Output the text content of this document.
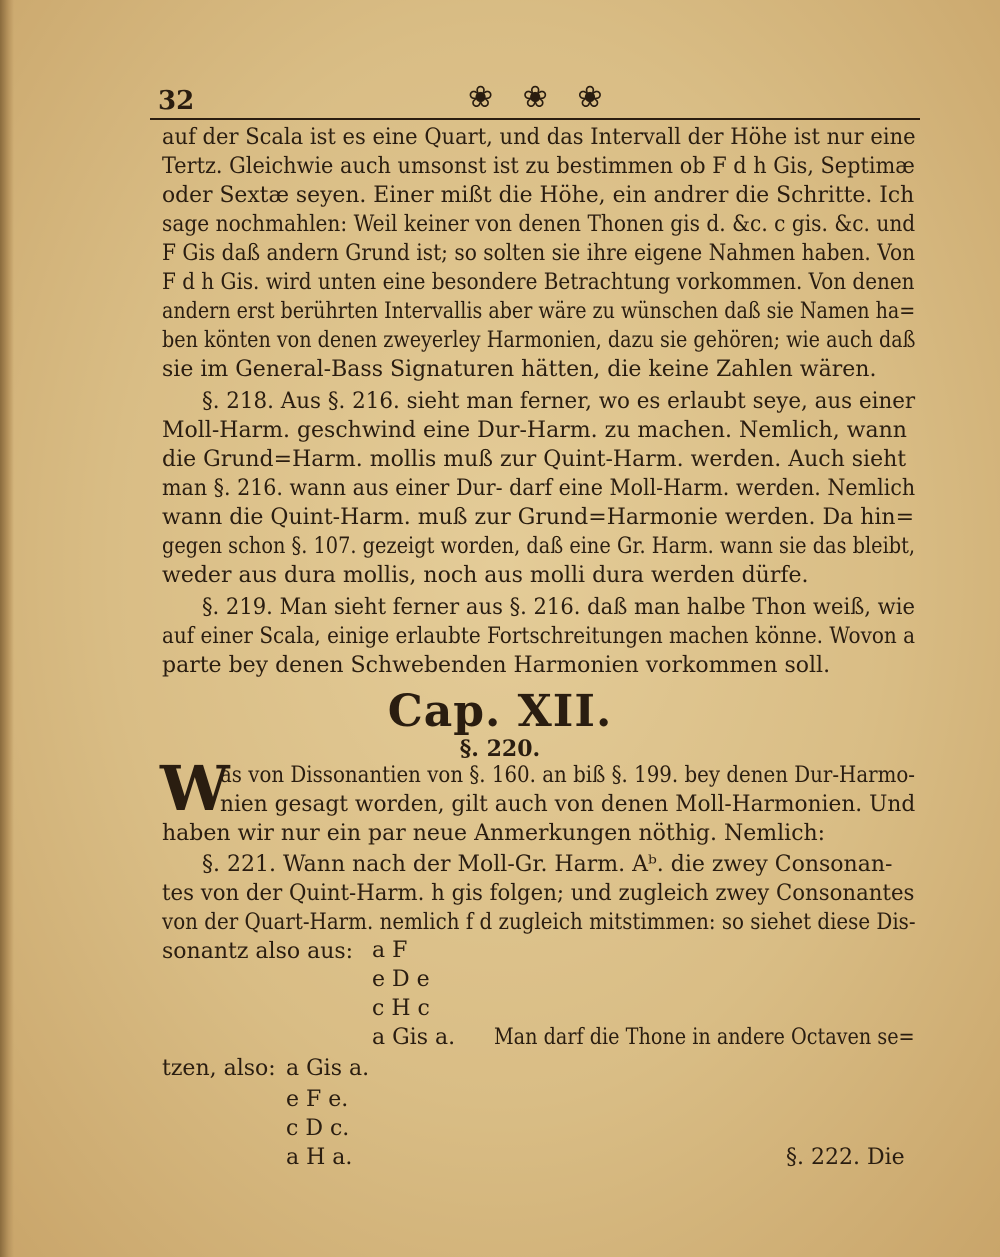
32	❀ ❀ ❀
auf der Scala ist es eine Quart, und das Intervall der Höhe ist nur eine
Tertz. Gleichwie auch umsonst ist zu bestimmen ob F d h Gis, Septimæ
oder Sextæ seyen. Einer mißt die Höhe, ein andrer die Schritte. Ich
sage nochmahlen: Weil keiner von denen Thonen gis d. &c. c gis. &c. und
F Gis daß andern Grund ist; so solten sie ihre eigene Nahmen haben. Von
F d h Gis. wird unten eine besondere Betrachtung vorkommen. Von denen
andern erst berührten Intervallis aber wäre zu wünschen daß sie Namen ha=
ben könten von denen zweyerley Harmonien, dazu sie gehören; wie auch daß
sie im General-Bass Signaturen hätten, die keine Zahlen wären.
§. 218. Aus §. 216. sieht man ferner, wo es erlaubt seye, aus einer
Moll-Harm. geschwind eine Dur-Harm. zu machen. Nemlich, wann
die Grund=Harm. mollis muß zur Quint-Harm. werden. Auch sieht
man §. 216. wann aus einer Dur- darf eine Moll-Harm. werden. Nemlich
wann die Quint-Harm. muß zur Grund=Harmonie werden. Da hin=
gegen schon §. 107. gezeigt worden, daß eine Gr. Harm. wann sie das bleibt,
weder aus dura mollis, noch aus molli dura werden dürfe.
§. 219. Man sieht ferner aus §. 216. daß man halbe Thon weiß, wie
auf einer Scala, einige erlaubte Fortschreitungen machen könne. Wovon a
parte bey denen Schwebenden Harmonien vorkommen soll.
Cap. XII.
§. 220.
W
as von Dissonantien von §. 160. an biß §. 199. bey denen Dur-Harmo-
nien gesagt worden, gilt auch von denen Moll-Harmonien. Und
haben wir nur ein par neue Anmerkungen nöthig. Nemlich:
§. 221. Wann nach der Moll-Gr. Harm. Aᵇ. die zwey Consonan-
tes von der Quint-Harm. h gis folgen; und zugleich zwey Consonantes
von der Quart-Harm. nemlich f d zugleich mitstimmen: so siehet diese Dis-
sonantz also aus: a F
e D e
c H c
a Gis a. Man darf die Thone in andere Octaven se=
tzen, also: a Gis a.
e F e.
c D c.
a H a.	§. 222. Die
